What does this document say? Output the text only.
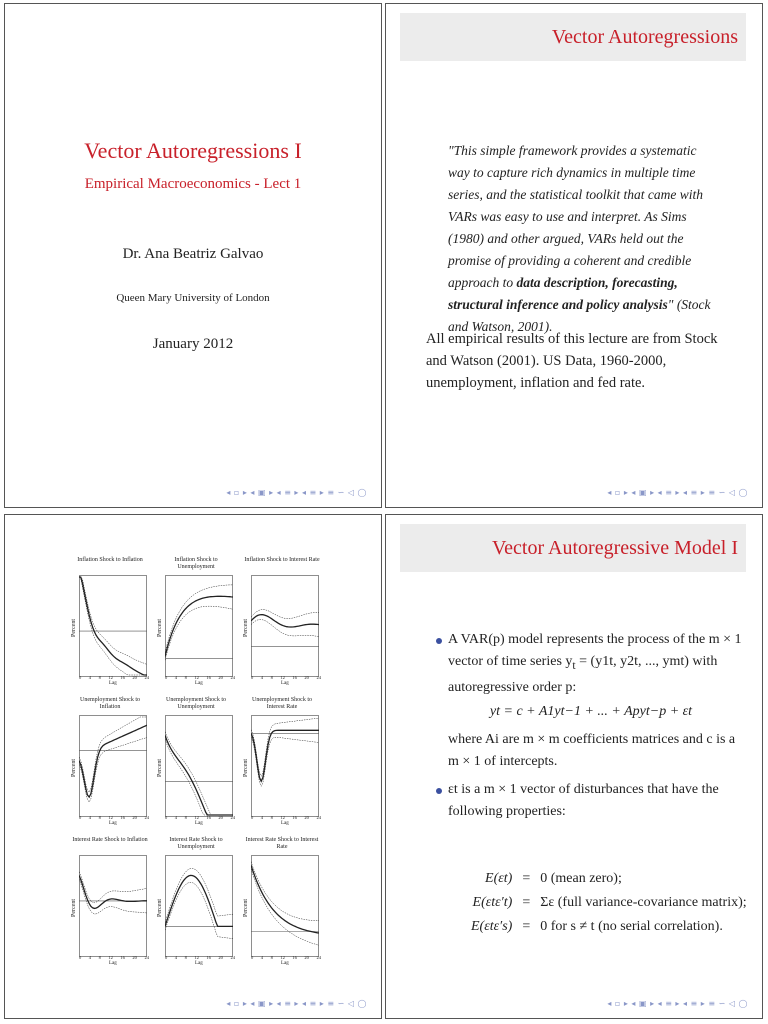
Vector Autoregressions I
Empirical Macroeconomics - Lect 1
Dr. Ana Beatriz Galvao
Queen Mary University of London
January 2012
◂ ▫ ▸ ◂ ▣ ▸ ◂ ≡ ▸ ◂ ≡ ▸ ≡ ∽ ◁ ◯
Vector Autoregressions
"This simple framework provides a systematic way to capture rich dynamics in multiple time series, and the statistical toolkit that came with VARs was easy to use and interpret. As Sims (1980) and other argued, VARs held out the promise of providing a coherent and credible approach to data description, forecasting, structural inference and policy analysis" (Stock and Watson, 2001).
All empirical results of this lecture are from Stock and Watson (2001). US Data, 1960-2000, unemployment, inflation and fed rate.
◂ ▫ ▸ ◂ ▣ ▸ ◂ ≡ ▸ ◂ ≡ ▸ ≡ ∽ ◁ ◯
Inflation Shock to Inflation
Percent
0 4 8 12 16 20 24
Lag
Inflation Shock to Unemployment
Percent
0 4 8 12 16 20 24
Lag
Inflation Shock to Interest Rate
Percent
0 4 8 12 16 20 24
Lag
Unemployment Shock to Inflation
Percent
0 4 8 12 16 20 24
Lag
Unemployment Shock to Unemployment
Percent
0 4 8 12 16 20 24
Lag
Unemployment Shock to Interest Rate
Percent
0 4 8 12 16 20 24
Lag
Interest Rate Shock to Inflation
Percent
0 4 8 12 16 20 24
Lag
Interest Rate Shock to Unemployment
Percent
0 4 8 12 16 20 24
Lag
Interest Rate Shock to Interest Rate
Percent
0 4 8 12 16 20 24
Lag
◂ ▫ ▸ ◂ ▣ ▸ ◂ ≡ ▸ ◂ ≡ ▸ ≡ ∽ ◁ ◯
Vector Autoregressive Model I
A VAR(p) model represents the process of the m × 1 vector of time series $y_t = (y1t$, y2t, ..., ymt) with autoregressive order p:
yt = c + A1yt−1 + ... + Apyt−p + εt
where Ai are m × m coefficients matrices and c is a m × 1 of intercepts.
εt is a m × 1 vector of disturbances that have the following properties:
E(εt)	=	0 (mean zero);
E(εtε′t)	=	Σε (full variance-covariance matrix);
E(εtε′s)	=	0 for s ≠ t (no serial correlation).
◂ ▫ ▸ ◂ ▣ ▸ ◂ ≡ ▸ ◂ ≡ ▸ ≡ ∽ ◁ ◯
